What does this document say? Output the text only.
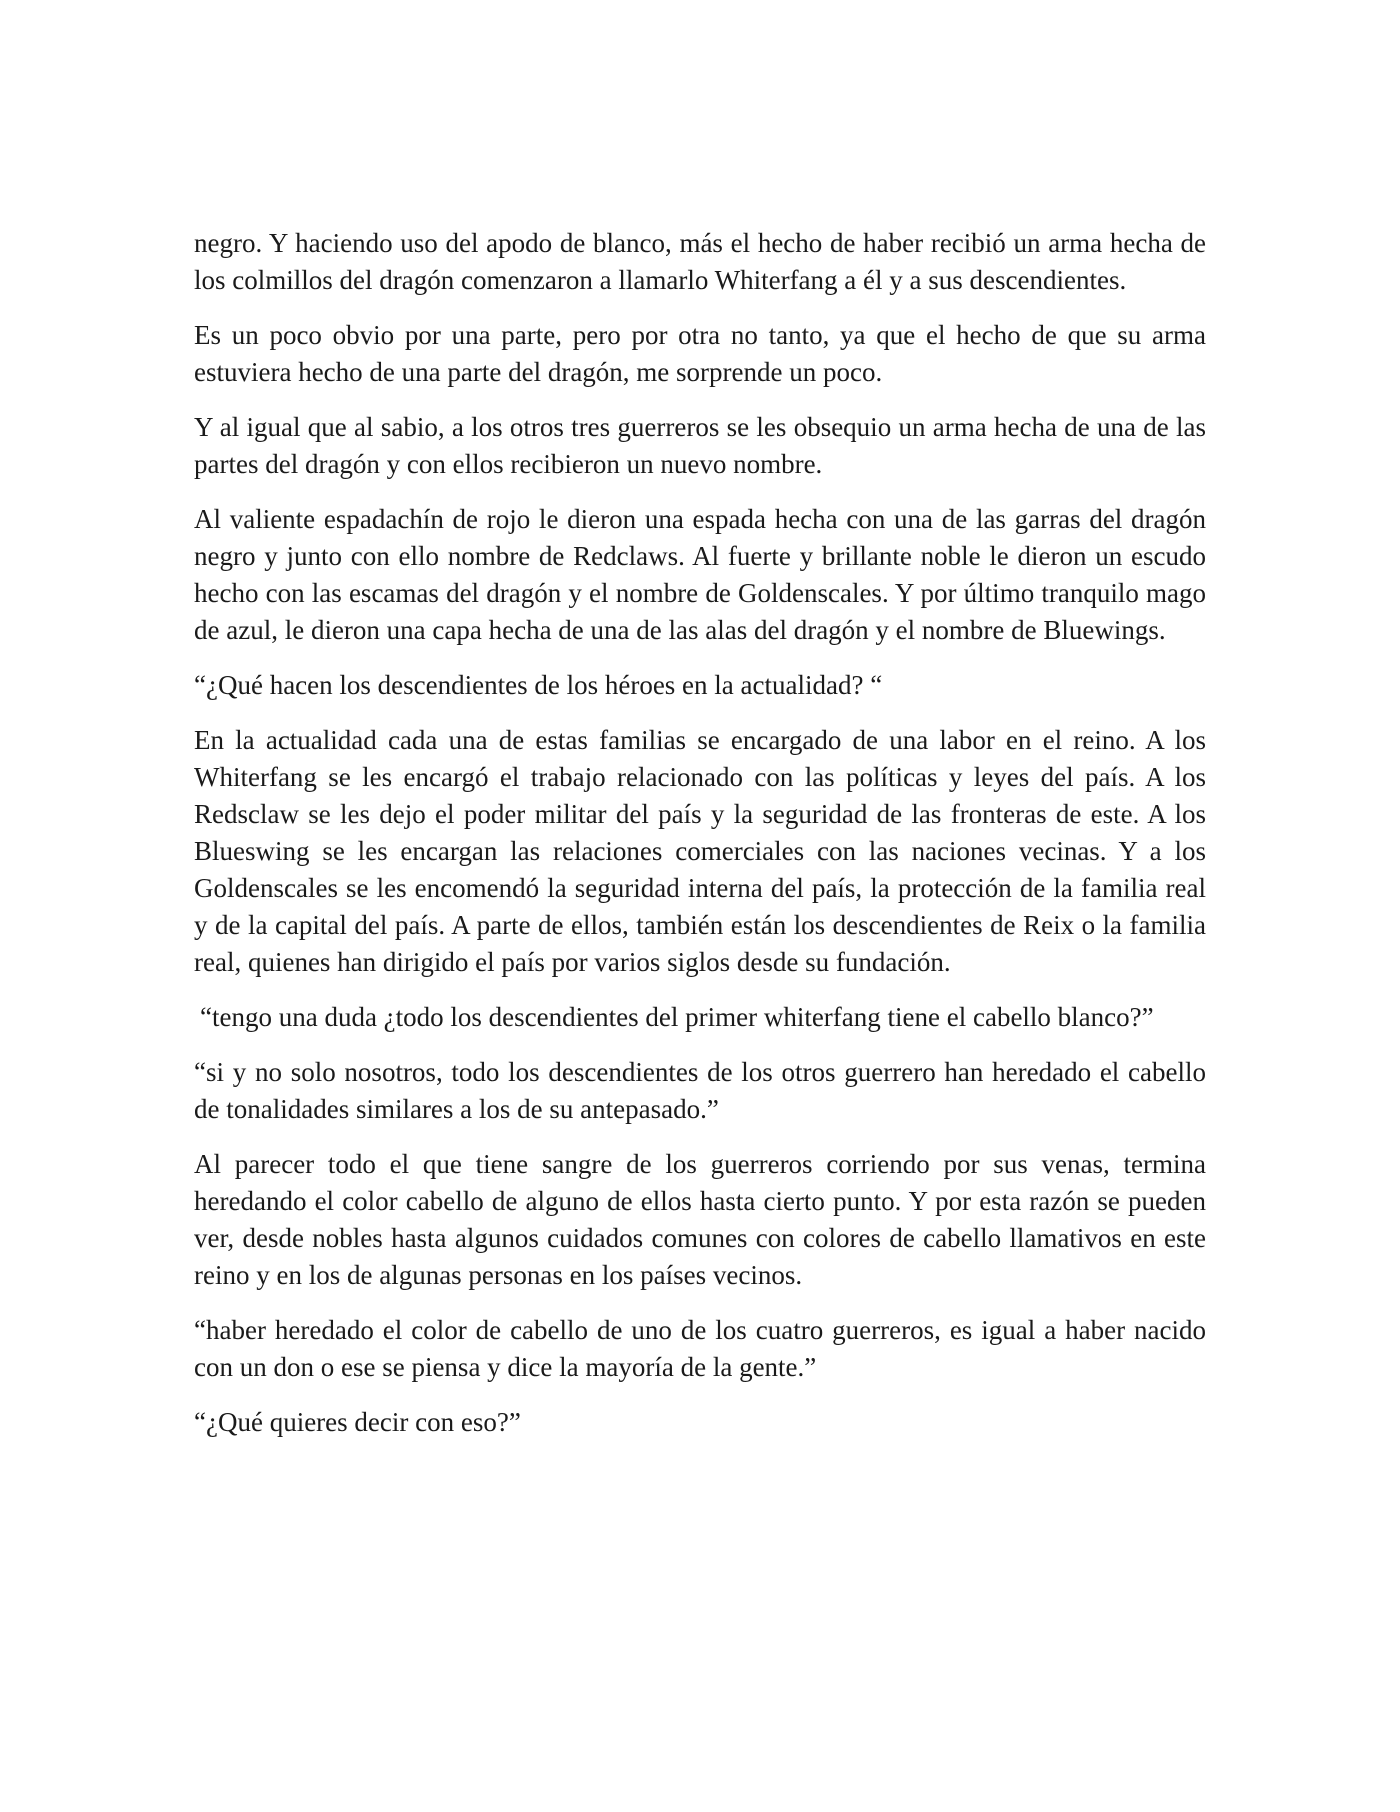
negro. Y haciendo uso del apodo de blanco, más el hecho de haber recibió un arma hecha de los colmillos del dragón comenzaron a llamarlo Whiterfang a él y a sus descendientes.

Es un poco obvio por una parte, pero por otra no tanto, ya que el hecho de que su arma estuviera hecho de una parte del dragón, me sorprende un poco.

Y al igual que al sabio, a los otros tres guerreros se les obsequio un arma hecha de una de las partes del dragón y con ellos recibieron un nuevo nombre.

Al valiente espadachín de rojo le dieron una espada hecha con una de las garras del dragón negro y junto con ello nombre de Redclaws. Al fuerte y brillante noble le dieron un escudo hecho con las escamas del dragón y el nombre de Goldenscales. Y por último tranquilo mago de azul, le dieron una capa hecha de una de las alas del dragón y el nombre de Bluewings.

“¿Qué hacen los descendientes de los héroes en la actualidad? “

En la actualidad cada una de estas familias se encargado de una labor en el reino. A los Whiterfang se les encargó el trabajo relacionado con las políticas y leyes del país. A los Redsclaw se les dejo el poder militar del país y la seguridad de las fronteras de este. A los Blueswing se les encargan las relaciones comerciales con las naciones vecinas. Y a los Goldenscales se les encomendó la seguridad interna del país, la protección de la familia real y de la capital del país. A parte de ellos, también están los descendientes de Reix o la familia real, quienes han dirigido el país por varios siglos desde su fundación.

“tengo una duda ¿todo los descendientes del primer whiterfang tiene el cabello blanco?”

“si y no solo nosotros, todo los descendientes de los otros guerrero han heredado el cabello de tonalidades similares a los de su antepasado.”

Al parecer todo el que tiene sangre de los guerreros corriendo por sus venas, termina heredando el color cabello de alguno de ellos hasta cierto punto. Y por esta razón se pueden ver, desde nobles hasta algunos cuidados comunes con colores de cabello llamativos en este reino y en los de algunas personas en los países vecinos.

“haber heredado el color de cabello de uno de los cuatro guerreros, es igual a haber nacido con un don o ese se piensa y dice la mayoría de la gente.”

“¿Qué quieres decir con eso?”
